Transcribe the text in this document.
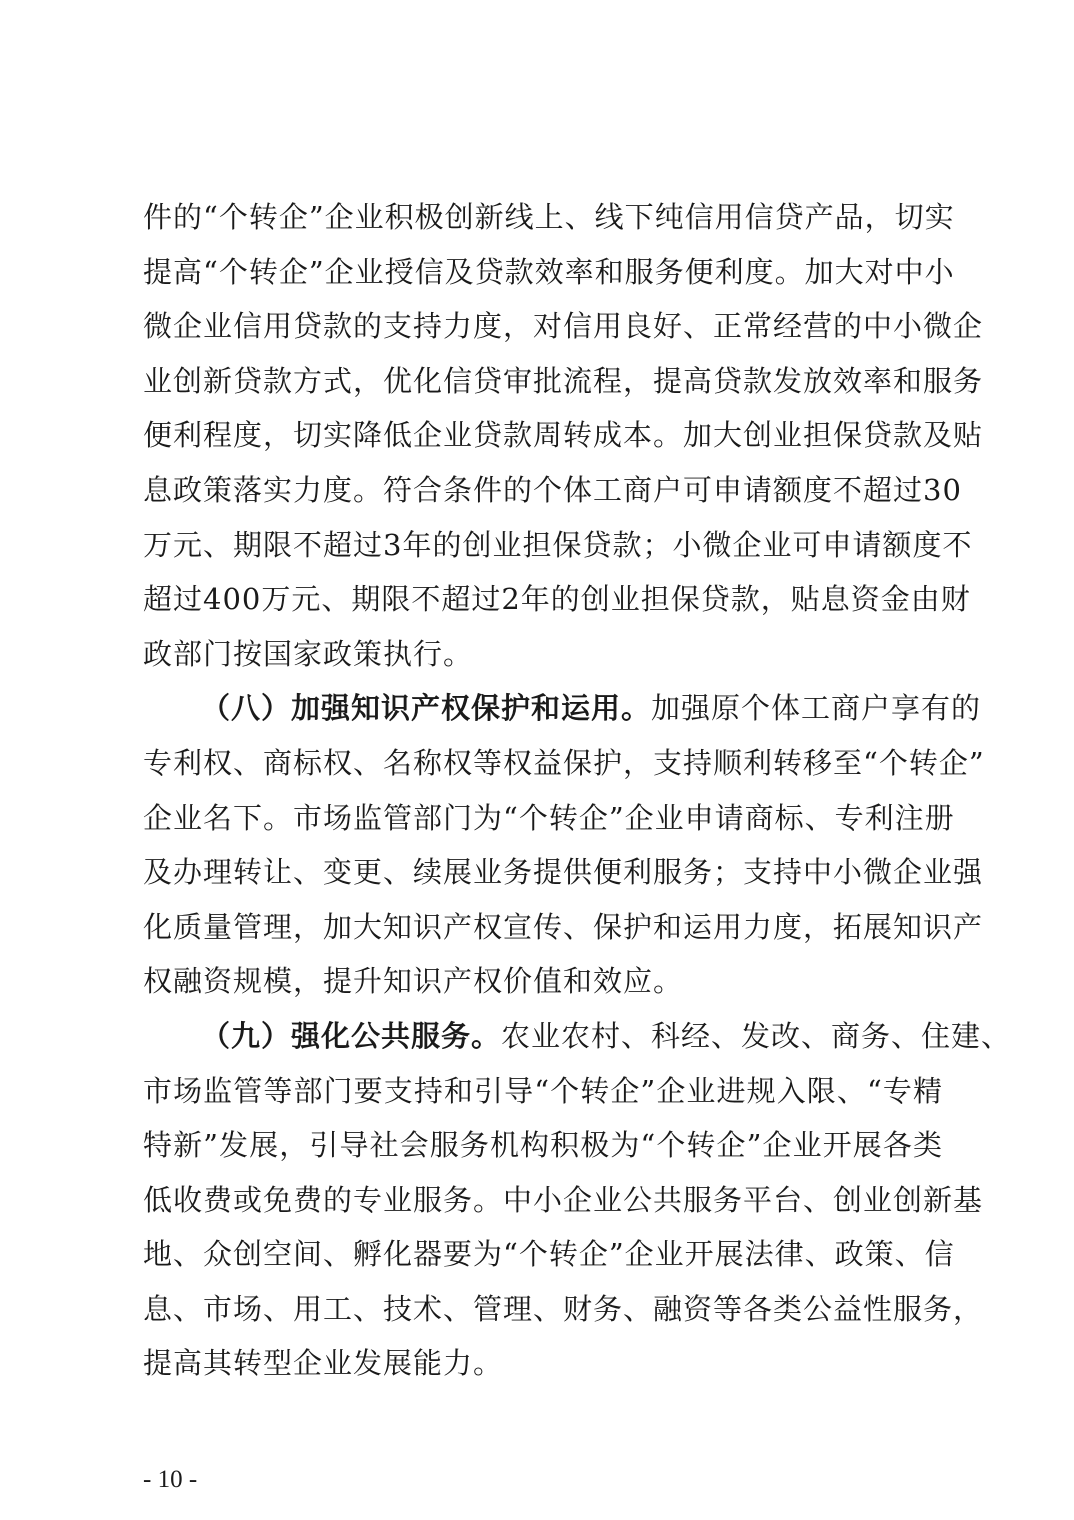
件的“个转企”企业积极创新线上、线下纯信用信贷产品，切实
提高“个转企”企业授信及贷款效率和服务便利度。加大对中小
微企业信用贷款的支持力度，对信用良好、正常经营的中小微企
业创新贷款方式，优化信贷审批流程，提高贷款发放效率和服务
便利程度，切实降低企业贷款周转成本。加大创业担保贷款及贴
息政策落实力度。符合条件的个体工商户可申请额度不超过30
万元、期限不超过3年的创业担保贷款；小微企业可申请额度不
超过400万元、期限不超过2年的创业担保贷款，贴息资金由财
政部门按国家政策执行。
（八）加强知识产权保护和运用。加强原个体工商户享有的
专利权、商标权、名称权等权益保护，支持顺利转移至“个转企”
企业名下。市场监管部门为“个转企”企业申请商标、专利注册
及办理转让、变更、续展业务提供便利服务；支持中小微企业强
化质量管理，加大知识产权宣传、保护和运用力度，拓展知识产
权融资规模，提升知识产权价值和效应。
（九）强化公共服务。农业农村、科经、发改、商务、住建、
市场监管等部门要支持和引导“个转企”企业进规入限、“专精
特新”发展，引导社会服务机构积极为“个转企”企业开展各类
低收费或免费的专业服务。中小企业公共服务平台、创业创新基
地、众创空间、孵化器要为“个转企”企业开展法律、政策、信
息、市场、用工、技术、管理、财务、融资等各类公益性服务，
提高其转型企业发展能力。
- 10 -
